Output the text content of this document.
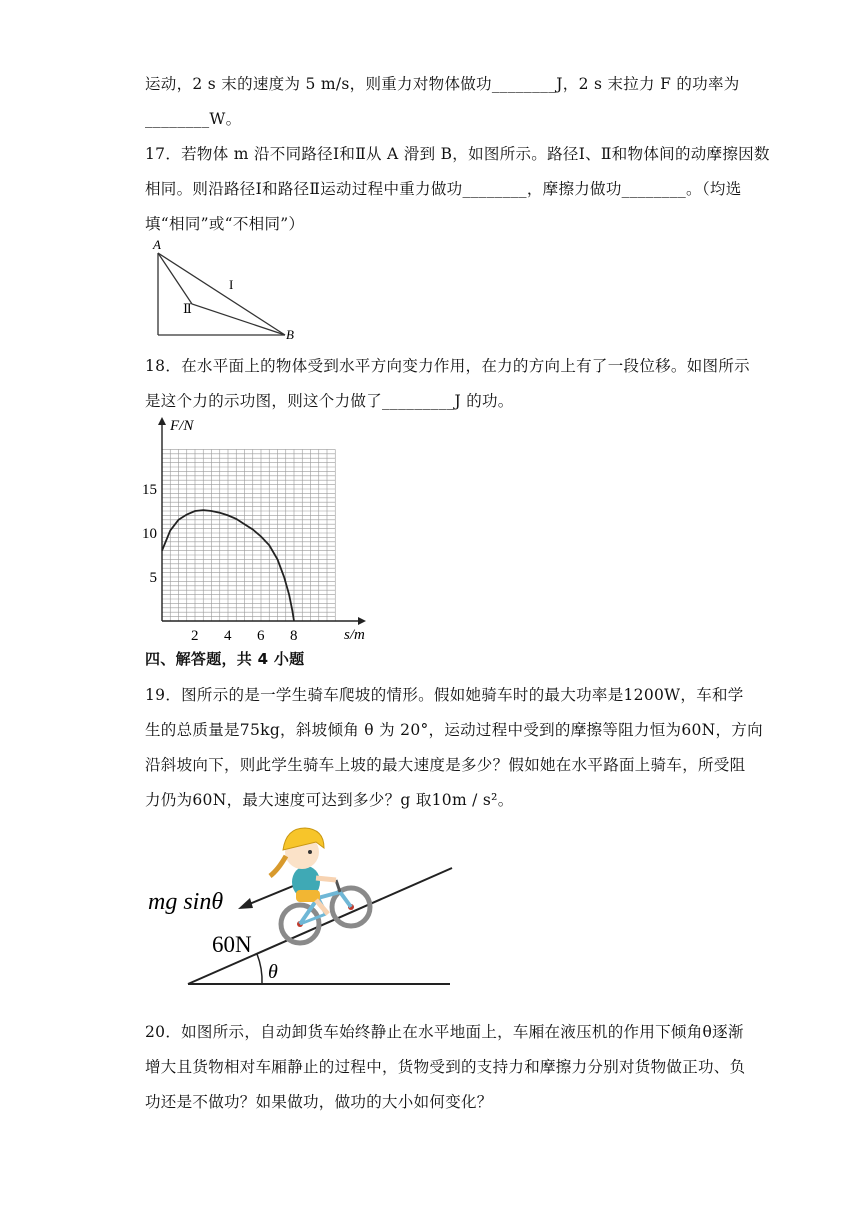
运动，2 s 末的速度为 5 m/s，则重力对物体做功________J，2 s 末拉力 F 的功率为
________W。
17．若物体 m 沿不同路径Ⅰ和Ⅱ从 A 滑到 B，如图所示。路径Ⅰ、Ⅱ和物体间的动摩擦因数
相同。则沿路径Ⅰ和路径Ⅱ运动过程中重力做功________，摩擦力做功________。（均选
填“相同”或“不相同”）
A
B
I
Ⅱ
18．在水平面上的物体受到水平方向变力作用，在力的方向上有了一段位移。如图所示
是这个力的示功图，则这个力做了_________J 的功。
F/N
s/m
2 4 6 8
5
10
15
四、解答题，共 4 小题
19．图所示的是一学生骑车爬坡的情形。假如她骑车时的最大功率是1200W，车和学
生的总质量是75kg，斜坡倾角 θ 为 20°，运动过程中受到的摩擦等阻力恒为60N，方向
沿斜坡向下，则此学生骑车上坡的最大速度是多少？假如她在水平路面上骑车，所受阻
力仍为60N，最大速度可达到多少？g 取10m / s²。
θ
60N
mg sinθ
20．如图所示，自动卸货车始终静止在水平地面上，车厢在液压机的作用下倾角θ逐渐
增大且货物相对车厢静止的过程中，货物受到的支持力和摩擦力分别对货物做正功、负
功还是不做功？如果做功，做功的大小如何变化？
